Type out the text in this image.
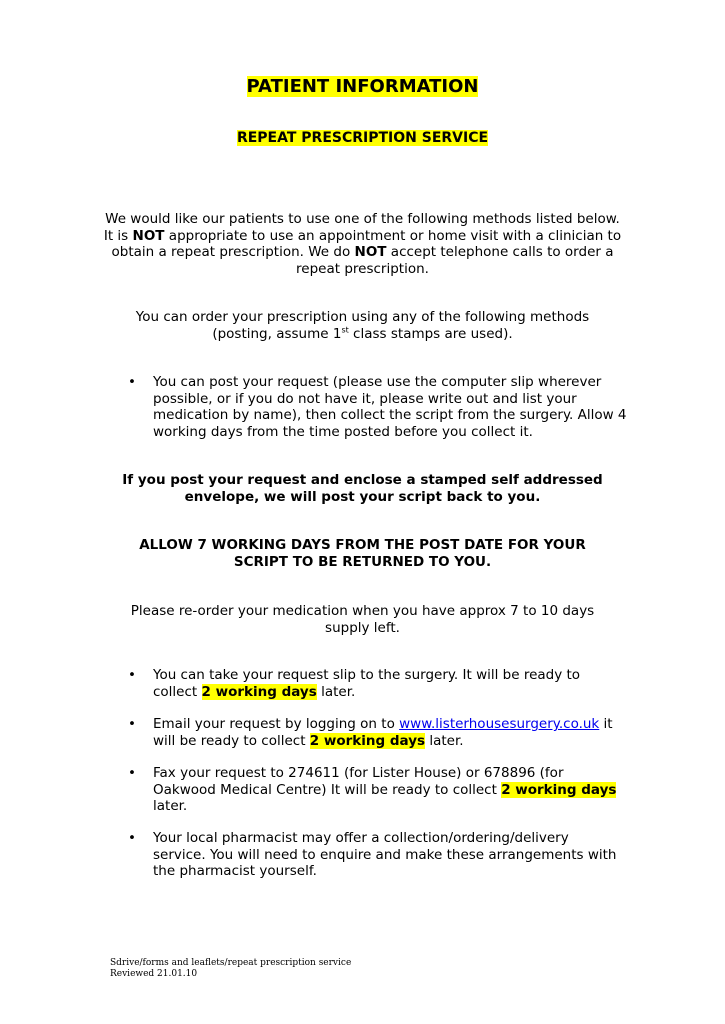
PATIENT INFORMATION
REPEAT PRESCRIPTION SERVICE
We would like our patients to use one of the following methods listed below. It is NOT appropriate to use an appointment or home visit with a clinician to obtain a repeat prescription. We do NOT accept telephone calls to order a repeat prescription.
You can order your prescription using any of the following methods (posting, assume 1st class stamps are used).
•	You can post your request (please use the computer slip wherever possible, or if you do not have it, please write out and list your medication by name), then collect the script from the surgery. Allow 4 working days from the time posted before you collect it.
If you post your request and enclose a stamped self addressed envelope, we will post your script back to you.
ALLOW 7 WORKING DAYS FROM THE POST DATE FOR YOUR SCRIPT TO BE RETURNED TO YOU.
Please re-order your medication when you have approx 7 to 10 days supply left.
•	You can take your request slip to the surgery. It will be ready to collect 2 working days later.
•	Email your request by logging on to www.listerhousesurgery.co.uk it will be ready to collect 2 working days later.
•	Fax your request to 274611 (for Lister House) or 678896 (for Oakwood Medical Centre) It will be ready to collect 2 working days later.
•	Your local pharmacist may offer a collection/ordering/delivery service. You will need to enquire and make these arrangements with the pharmacist yourself.
Sdrive/forms and leaflets/repeat prescription service
Reviewed 21.01.10
